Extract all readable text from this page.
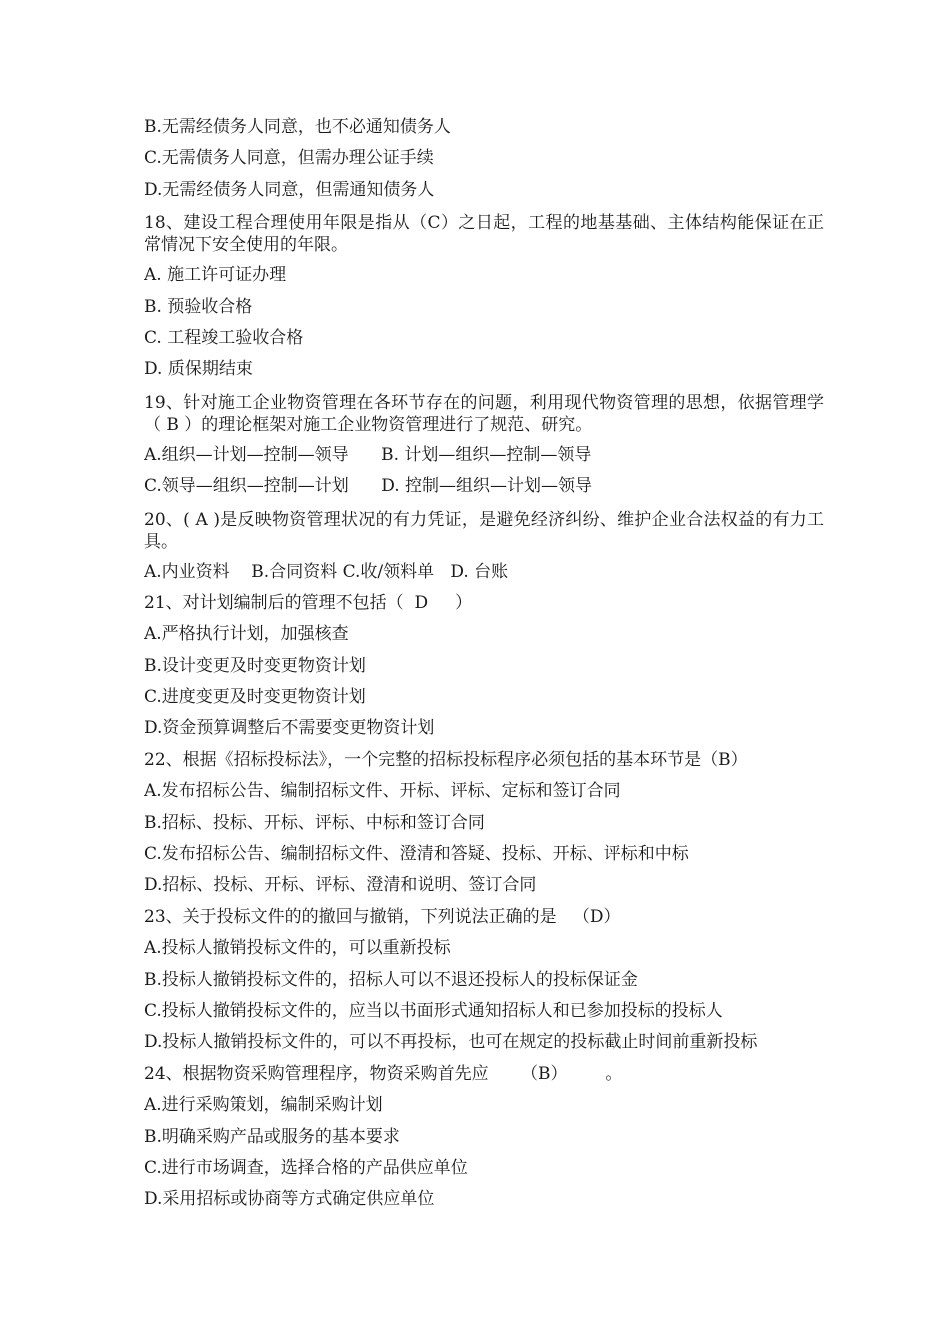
B.无需经债务人同意，也不必通知债务人
C.无需债务人同意，但需办理公证手续
D.无需经债务人同意，但需通知债务人
18、建设工程合理使用年限是指从（C）之日起，工程的地基基础、主体结构能保证在正常情况下安全使用的年限。
A. 施工许可证办理
B. 预验收合格
C. 工程竣工验收合格
D. 质保期结束
19、针对施工企业物资管理在各环节存在的问题，利用现代物资管理的思想，依据管理学（ B ）的理论框架对施工企业物资管理进行了规范、研究。
A.组织—计划—控制—领导      B. 计划—组织—控制—领导
C.领导—组织—控制—计划      D. 控制—组织—计划—领导
20、( A )是反映物资管理状况的有力凭证，是避免经济纠纷、维护企业合法权益的有力工具。
A.内业资料    B.合同资料 C.收/领料单   D. 台账
21、对计划编制后的管理不包括（  D     ）
A.严格执行计划，加强核查
B.设计变更及时变更物资计划
C.进度变更及时变更物资计划
D.资金预算调整后不需要变更物资计划
22、根据《招标投标法》，一个完整的招标投标程序必须包括的基本环节是（B）
A.发布招标公告、编制招标文件、开标、评标、定标和签订合同
B.招标、投标、开标、评标、中标和签订合同
C.发布招标公告、编制招标文件、澄清和答疑、投标、开标、评标和中标
D.招标、投标、开标、评标、澄清和说明、签订合同
23、关于投标文件的的撤回与撤销，下列说法正确的是   （D）
A.投标人撤销投标文件的，可以重新投标
B.投标人撤销投标文件的，招标人可以不退还投标人的投标保证金
C.投标人撤销投标文件的，应当以书面形式通知招标人和已参加投标的投标人
D.投标人撤销投标文件的，可以不再投标，也可在规定的投标截止时间前重新投标
24、根据物资采购管理程序，物资采购首先应      （B）       。
A.进行采购策划，编制采购计划
B.明确采购产品或服务的基本要求
C.进行市场调查，选择合格的产品供应单位
D.采用招标或协商等方式确定供应单位
